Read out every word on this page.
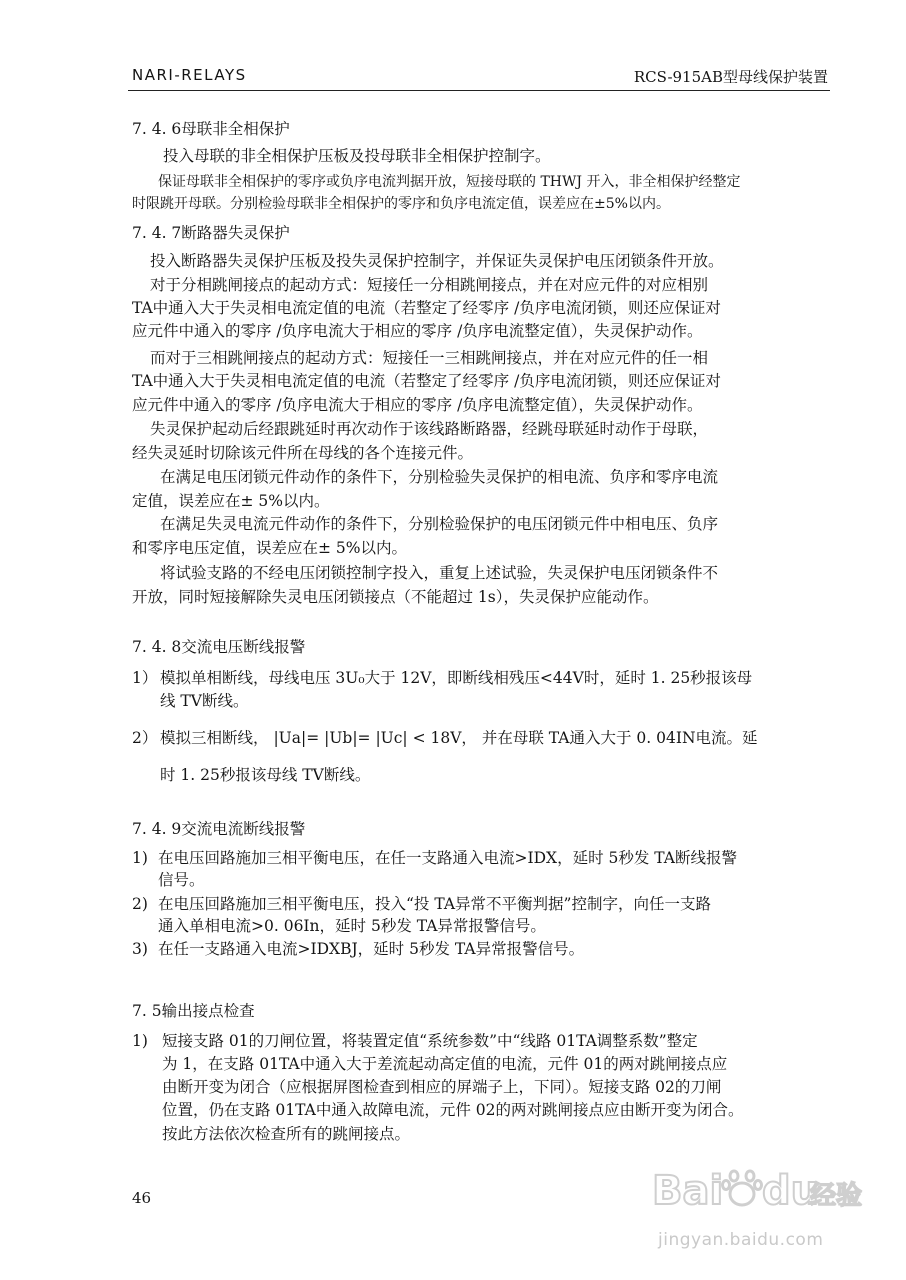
NARI-RELAYS	RCS-915AB型母线保护装置
7. 4. 6母联非全相保护
投入母联的非全相保护压板及投母联非全相保护控制字。
保证母联非全相保护的零序或负序电流判据开放，短接母联的 THWJ 开入，非全相保护经整定
时限跳开母联。分别检验母联非全相保护的零序和负序电流定值，误差应在±5%以内。
7. 4. 7断路器失灵保护
投入断路器失灵保护压板及投失灵保护控制字，并保证失灵保护电压闭锁条件开放。
对于分相跳闸接点的起动方式：短接任一分相跳闸接点，并在对应元件的对应相别
TA中通入大于失灵相电流定值的电流（若整定了经零序 /负序电流闭锁，则还应保证对
应元件中通入的零序 /负序电流大于相应的零序 /负序电流整定值），失灵保护动作。
而对于三相跳闸接点的起动方式：短接任一三相跳闸接点，并在对应元件的任一相
TA中通入大于失灵相电流定值的电流（若整定了经零序 /负序电流闭锁，则还应保证对
应元件中通入的零序 /负序电流大于相应的零序 /负序电流整定值），失灵保护动作。
失灵保护起动后经跟跳延时再次动作于该线路断路器，经跳母联延时动作于母联，
经失灵延时切除该元件所在母线的各个连接元件。
在满足电压闭锁元件动作的条件下，分别检验失灵保护的相电流、负序和零序电流
定值，误差应在± 5%以内。
在满足失灵电流元件动作的条件下，分别检验保护的电压闭锁元件中相电压、负序
和零序电压定值，误差应在± 5%以内。
将试验支路的不经电压闭锁控制字投入，重复上述试验，失灵保护电压闭锁条件不
开放，同时短接解除失灵电压闭锁接点（不能超过 1s），失灵保护应能动作。
7. 4. 8交流电压断线报警
1） 模拟单相断线，母线电压 3U₀大于 12V，即断线相残压<44V时，延时 1. 25秒报该母
线 TV断线。
2） 模拟三相断线， |Ua|= |Ub|= |Uc| < 18V， 并在母联 TA通入大于 0. 04IN电流。延
时 1. 25秒报该母线 TV断线。
7. 4. 9交流电流断线报警
1) 在电压回路施加三相平衡电压，在任一支路通入电流>IDX，延时 5秒发 TA断线报警
信号。
2) 在电压回路施加三相平衡电压，投入“投 TA异常不平衡判据”控制字，向任一支路
通入单相电流>0. 06In，延时 5秒发 TA异常报警信号。
3) 在任一支路通入电流>IDXBJ，延时 5秒发 TA异常报警信号。
7. 5输出接点检查
1) 短接支路 01的刀闸位置，将装置定值“系统参数”中“线路 01TA调整系数”整定
为 1，在支路 01TA中通入大于差流起动高定值的电流，元件 01的两对跳闸接点应
由断开变为闭合（应根据屏图检查到相应的屏端子上，下同）。短接支路 02的刀闸
位置，仍在支路 01TA中通入故障电流，元件 02的两对跳闸接点应由断开变为闭合。
按此方法依次检查所有的跳闸接点。
46	Bai du
经验
jingyan.baidu.com
